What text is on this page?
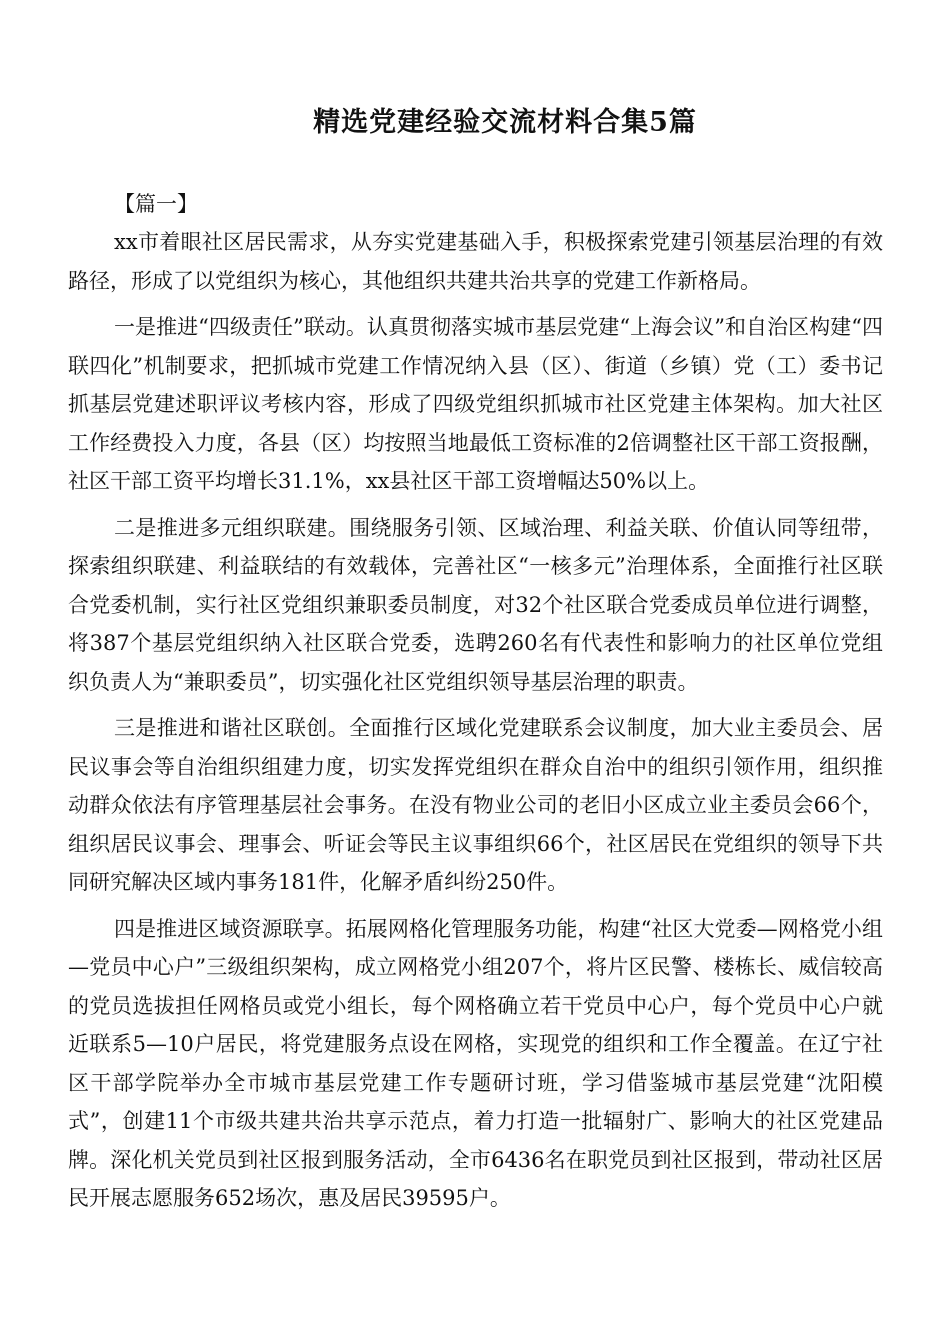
精选党建经验交流材料合集5篇

【篇一】

xx市着眼社区居民需求，从夯实党建基础入手，积极探索党建引领基层治理的有效路径，形成了以党组织为核心，其他组织共建共治共享的党建工作新格局。

一是推进“四级责任”联动。认真贯彻落实城市基层党建“上海会议”和自治区构建“四联四化”机制要求，把抓城市党建工作情况纳入县（区）、街道（乡镇）党（工）委书记抓基层党建述职评议考核内容，形成了四级党组织抓城市社区党建主体架构。加大社区工作经费投入力度，各县（区）均按照当地最低工资标准的2倍调整社区干部工资报酬，社区干部工资平均增长31.1%，xx县社区干部工资增幅达50%以上。

二是推进多元组织联建。围绕服务引领、区域治理、利益关联、价值认同等纽带，探索组织联建、利益联结的有效载体，完善社区“一核多元”治理体系，全面推行社区联合党委机制，实行社区党组织兼职委员制度，对32个社区联合党委成员单位进行调整，将387个基层党组织纳入社区联合党委，选聘260名有代表性和影响力的社区单位党组织负责人为“兼职委员”，切实强化社区党组织领导基层治理的职责。

三是推进和谐社区联创。全面推行区域化党建联系会议制度，加大业主委员会、居民议事会等自治组织组建力度，切实发挥党组织在群众自治中的组织引领作用，组织推动群众依法有序管理基层社会事务。在没有物业公司的老旧小区成立业主委员会66个，组织居民议事会、理事会、听证会等民主议事组织66个，社区居民在党组织的领导下共同研究解决区域内事务181件，化解矛盾纠纷250件。

四是推进区域资源联享。拓展网格化管理服务功能，构建“社区大党委—网格党小组—党员中心户”三级组织架构，成立网格党小组207个，将片区民警、楼栋长、威信较高的党员选拔担任网格员或党小组长，每个网格确立若干党员中心户，每个党员中心户就近联系5—10户居民，将党建服务点设在网格，实现党的组织和工作全覆盖。在辽宁社区干部学院举办全市城市基层党建工作专题研讨班，学习借鉴城市基层党建“沈阳模式”，创建11个市级共建共治共享示范点，着力打造一批辐射广、影响大的社区党建品牌。深化机关党员到社区报到服务活动，全市6436名在职党员到社区报到，带动社区居民开展志愿服务652场次，惠及居民39595户。
